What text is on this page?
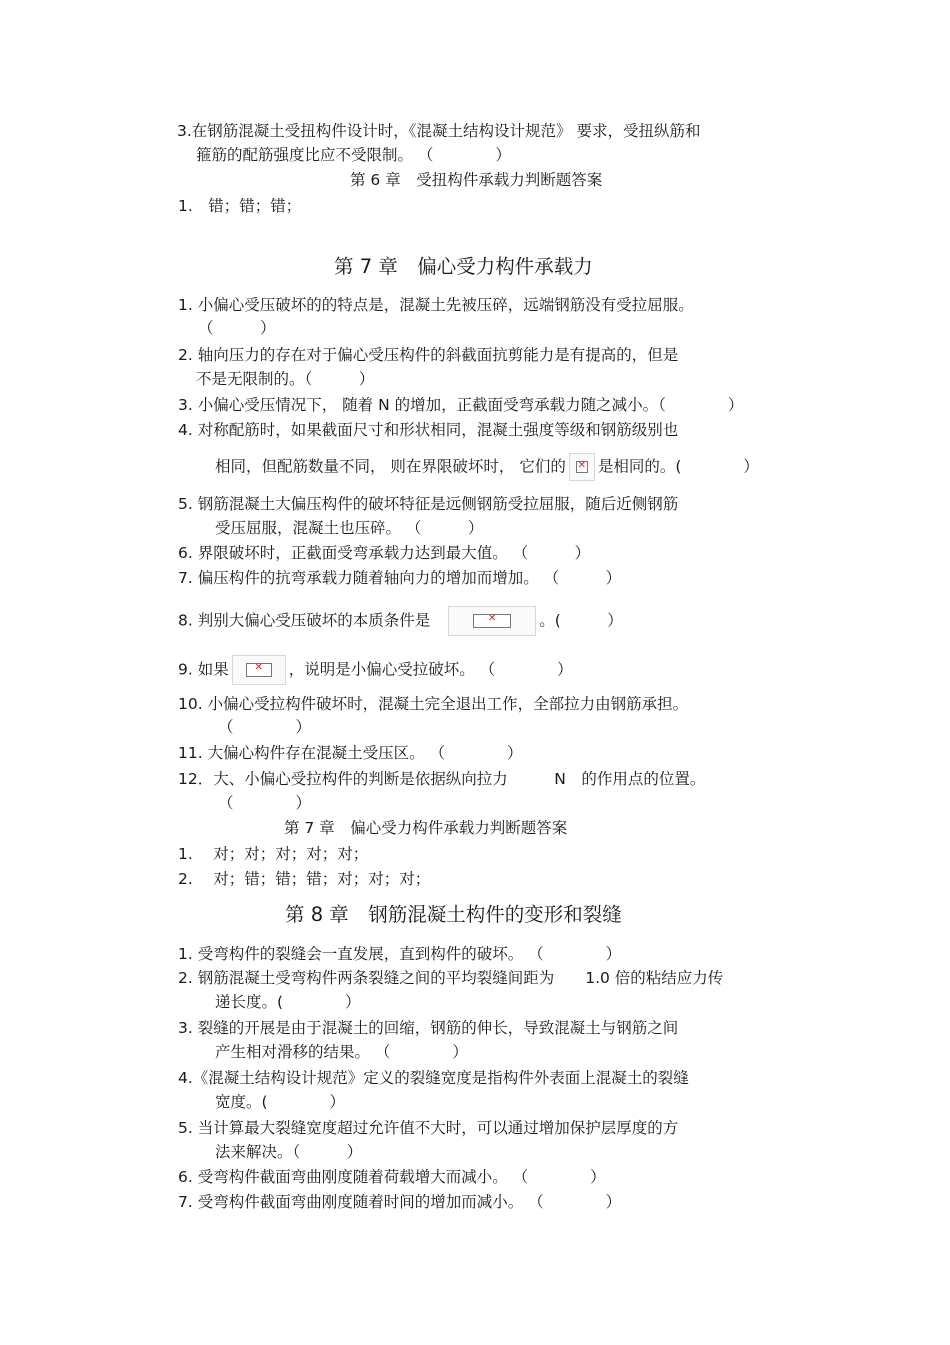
3.在钢筋混凝土受扭构件设计时，《混凝土结构设计规范》 要求，受扭纵筋和
箍筋的配筋强度比应不受限制。 （　　　　）
第 6 章　受扭构件承载力判断题答案
1.　错；错；错；
第 7 章　偏心受力构件承载力
1. 小偏心受压破坏的的特点是，混凝土先被压碎，远端钢筋没有受拉屈服。
（　　　）
2. 轴向压力的存在对于偏心受压构件的斜截面抗剪能力是有提高的，但是
不是无限制的。（　　　）
3. 小偏心受压情况下， 随着 N 的增加，正截面受弯承载力随之减小。（　　　　）
4. 对称配筋时，如果截面尺寸和形状相同，混凝土强度等级和钢筋级别也
相同，但配筋数量不同， 则在界限破坏时， 它们的 ✕ 是相同的。(　　　　）
5. 钢筋混凝土大偏压构件的破坏特征是远侧钢筋受拉屈服，随后近侧钢筋
受压屈服，混凝土也压碎。 （　　　）
6. 界限破坏时，正截面受弯承载力达到最大值。 （　　　）
7. 偏压构件的抗弯承载力随着轴向力的增加而增加。 （　　　）
8. 判别大偏心受压破坏的本质条件是 ✕	。(　　　）
9. 如果 ✕	，说明是小偏心受拉破坏。 （　　　　）
10. 小偏心受拉构件破坏时，混凝土完全退出工作，全部拉力由钢筋承担。
（　　　　）
11. 大偏心构件存在混凝土受压区。 （　　　　）
12．大、小偏心受拉构件的判断是依据纵向拉力　　　N　的作用点的位置。
（　　　　）
第 7 章　偏心受力构件承载力判断题答案
1.　 对；对；对；对；对；
2.　 对；错；错；错；对；对；对；
第 8 章　钢筋混凝土构件的变形和裂缝
1. 受弯构件的裂缝会一直发展，直到构件的破坏。 （　　　　）
2. 钢筋混凝土受弯构件两条裂缝之间的平均裂缝间距为　　1.0 倍的粘结应力传
递长度。(　　　　）
3. 裂缝的开展是由于混凝土的回缩，钢筋的伸长，导致混凝土与钢筋之间
产生相对滑移的结果。 （　　　　）
4.《混凝土结构设计规范》定义的裂缝宽度是指构件外表面上混凝土的裂缝
宽度。(　　　　）
5. 当计算最大裂缝宽度超过允许值不大时，可以通过增加保护层厚度的方
法来解决。（　　　）
6. 受弯构件截面弯曲刚度随着荷载增大而减小。 （　　　　）
7. 受弯构件截面弯曲刚度随着时间的增加而减小。 （　　　　）
